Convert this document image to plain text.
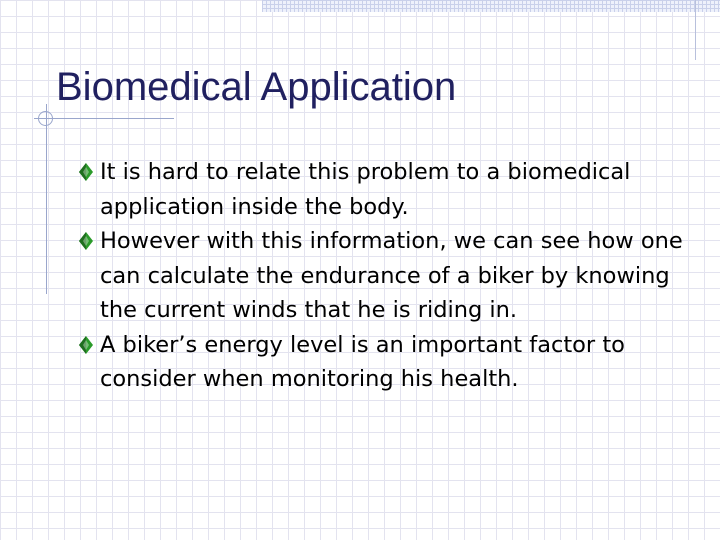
Biomedical Application
It is hard to relate this problem to a biomedical application inside the body.
However with this information, we can see how one can calculate the endurance of a biker by knowing the current winds that he is riding in.
A biker’s energy level is an important factor to consider when monitoring his health.
